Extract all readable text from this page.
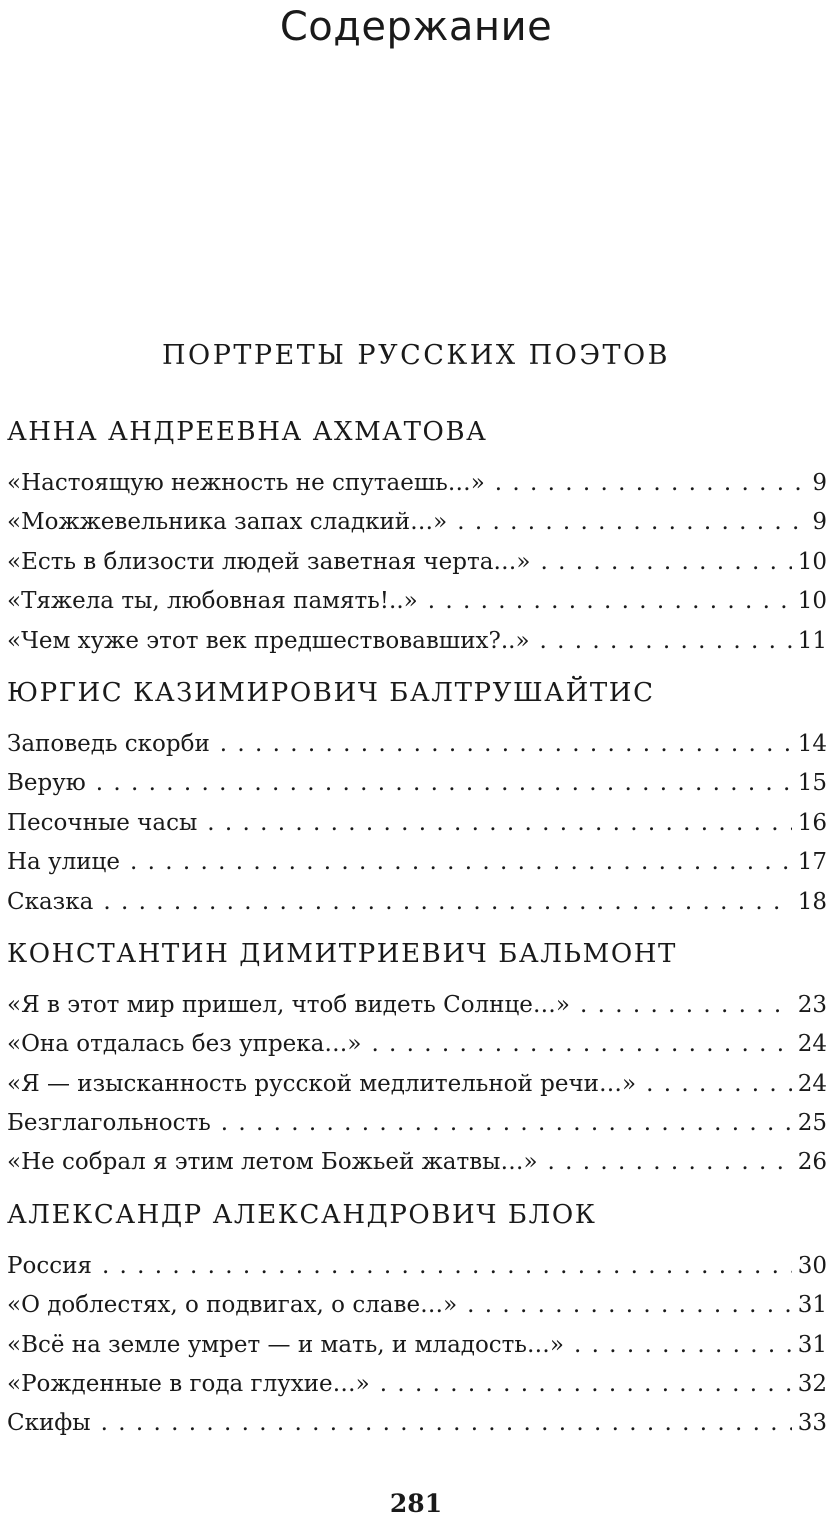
Содержание
ПОРТРЕТЫ РУССКИХ ПОЭТОВ
АННА АНДРЕЕВНА АХМАТОВА
«Настоящую нежность не спутаешь…» . . .	9
«Можжевельника запах сладкий…» . . .	9
«Есть в близости людей заветная черта…» . . .	10
«Тяжела ты, любовная память!..» . . .	10
«Чем хуже этот век предшествовавших?..» . . .	11
ЮРГИС КАЗИМИРОВИЧ БАЛТРУШАЙТИС
Заповедь скорби . . .	14
Верую . . .	15
Песочные часы . . .	16
На улице . . .	17
Сказка . . .	18
КОНСТАНТИН ДИМИТРИЕВИЧ БАЛЬМОНТ
«Я в этот мир пришел, чтоб видеть Солнце…» . . .	23
«Она отдалась без упрека…» . . .	24
«Я — изысканность русской медлительной речи…» . . .	24
Безглагольность . . .	25
«Не собрал я этим летом Божьей жатвы…» . . .	26
АЛЕКСАНДР АЛЕКСАНДРОВИЧ БЛОК
Россия . . .	30
«О доблестях, о подвигах, о славе…» . . .	31
«Всё на земле умрет — и мать, и младость…» . . .	31
«Рожденные в года глухие…» . . .	32
Скифы . . .	33
281
